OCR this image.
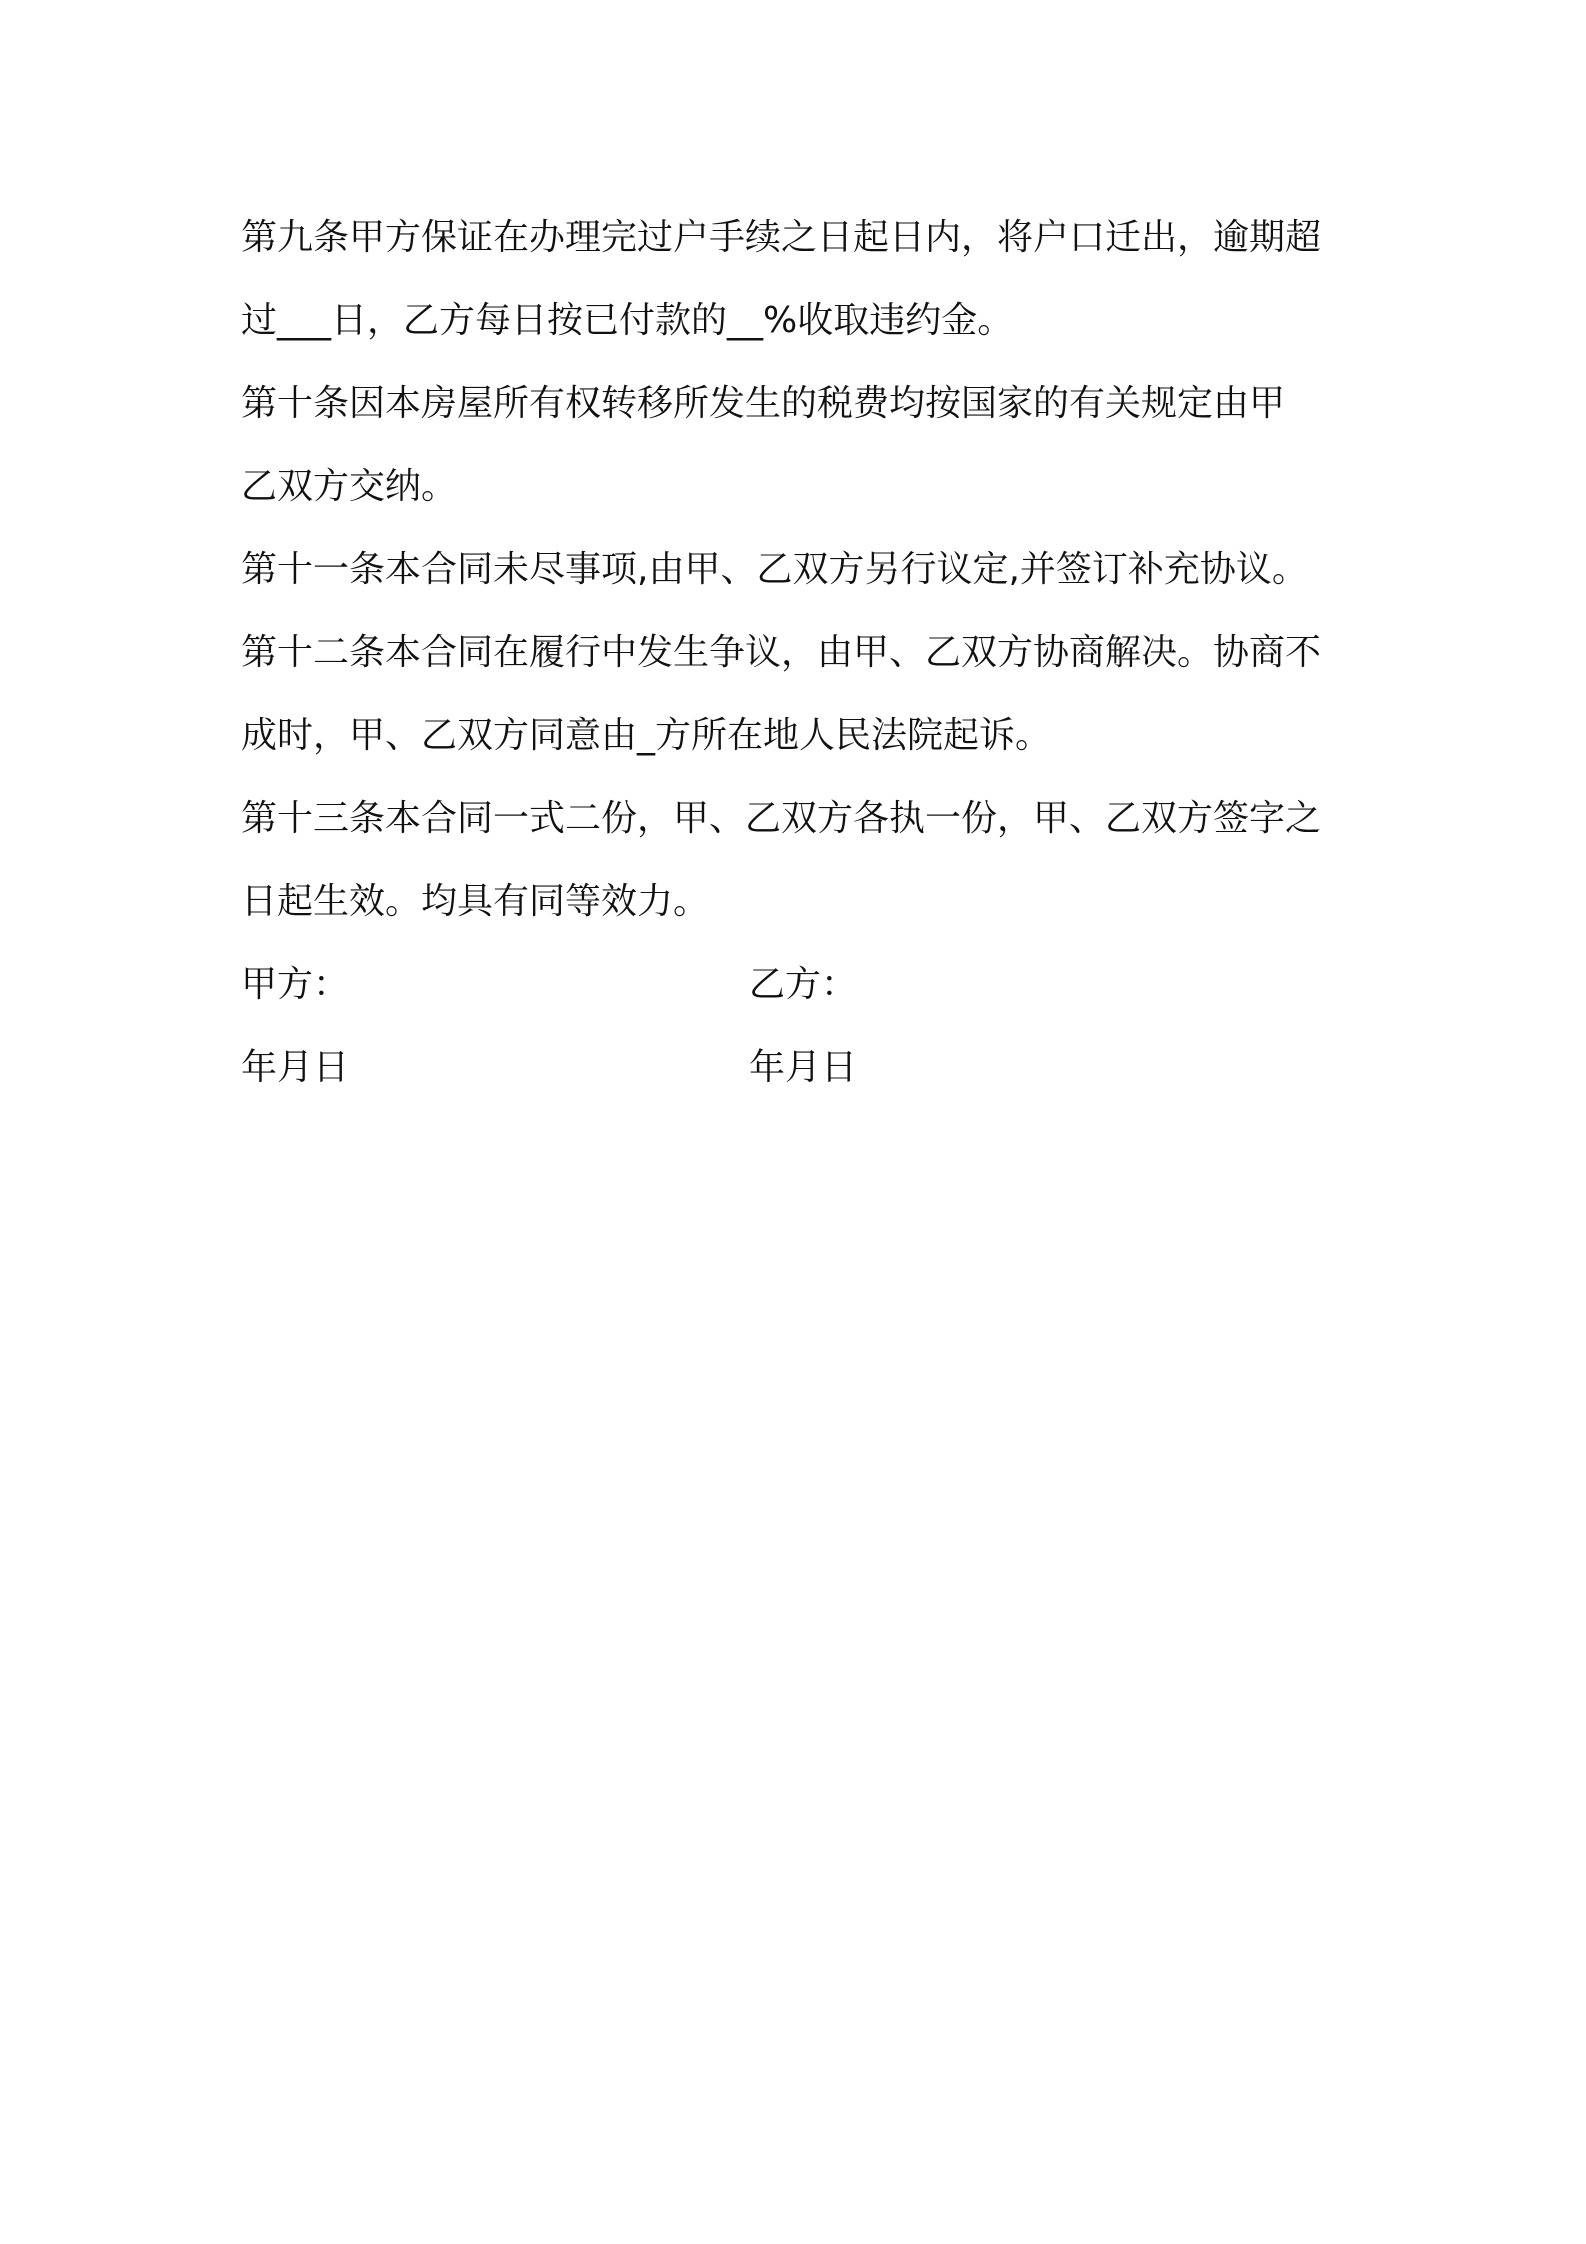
第九条甲方保证在办理完过户手续之日起日内，将户口迁出，逾期超
过___日，乙方每日按已付款的__%收取违约金。
第十条因本房屋所有权转移所发生的税费均按国家的有关规定由甲
乙双方交纳。
第十一条本合同未尽事项,由甲、乙双方另行议定,并签订补充协议。
第十二条本合同在履行中发生争议，由甲、乙双方协商解决。协商不
成时，甲、乙双方同意由_方所在地人民法院起诉。
第十三条本合同一式二份，甲、乙双方各执一份，甲、乙双方签字之
日起生效。均具有同等效力。
甲方：	乙方：
年月日	年月日
